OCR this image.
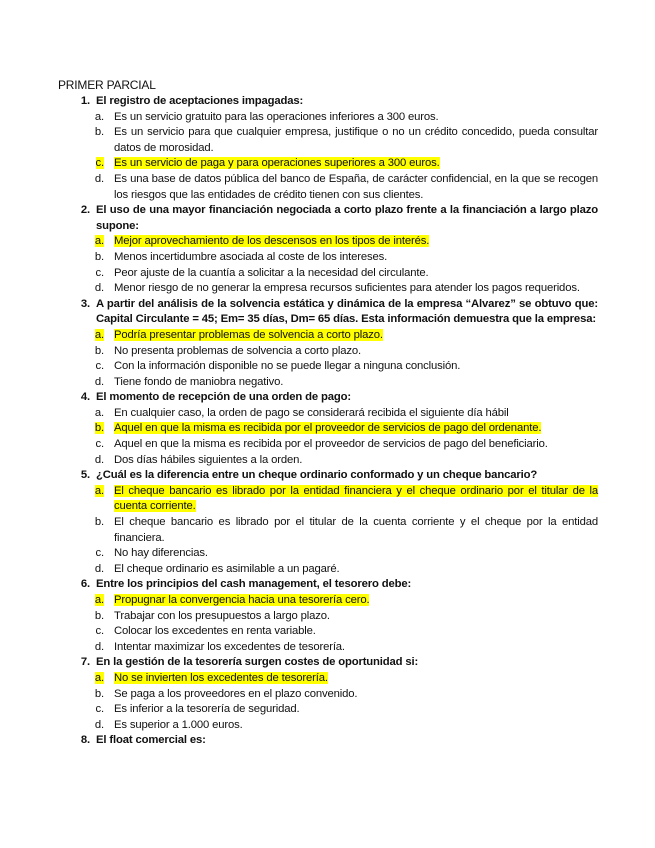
PRIMER PARCIAL
1. El registro de aceptaciones impagadas:
a. Es un servicio gratuito para las operaciones inferiores a 300 euros.
b. Es un servicio para que cualquier empresa, justifique o no un crédito concedido, pueda consultar datos de morosidad.
c. Es un servicio de paga y para operaciones superiores a 300 euros.
d. Es una base de datos pública del banco de España, de carácter confidencial, en la que se recogen los riesgos que las entidades de crédito tienen con sus clientes.
2. El uso de una mayor financiación negociada a corto plazo frente a la financiación a largo plazo supone:
a. Mejor aprovechamiento de los descensos en los tipos de interés.
b. Menos incertidumbre asociada al coste de los intereses.
c. Peor ajuste de la cuantía a solicitar a la necesidad del circulante.
d. Menor riesgo de no generar la empresa recursos suficientes para atender los pagos requeridos.
3. A partir del análisis de la solvencia estática y dinámica de la empresa “Alvarez” se obtuvo que: Capital Circulante = 45; Em= 35 días, Dm= 65 días. Esta información demuestra que la empresa:
a. Podría presentar problemas de solvencia a corto plazo.
b. No presenta problemas de solvencia a corto plazo.
c. Con la información disponible no se puede llegar a ninguna conclusión.
d. Tiene fondo de maniobra negativo.
4. El momento de recepción de una orden de pago:
a. En cualquier caso, la orden de pago se considerará recibida el siguiente día hábil
b. Aquel en que la misma es recibida por el proveedor de servicios de pago del ordenante.
c. Aquel en que la misma es recibida por el proveedor de servicios de pago del beneficiario.
d. Dos días hábiles siguientes a la orden.
5. ¿Cuál es la diferencia entre un cheque ordinario conformado y un cheque bancario?
a. El cheque bancario es librado por la entidad financiera y el cheque ordinario por el titular de la cuenta corriente.
b. El cheque bancario es librado por el titular de la cuenta corriente y el cheque por la entidad financiera.
c. No hay diferencias.
d. El cheque ordinario es asimilable a un pagaré.
6. Entre los principios del cash management, el tesorero debe:
a. Propugnar la convergencia hacia una tesorería cero.
b. Trabajar con los presupuestos a largo plazo.
c. Colocar los excedentes en renta variable.
d. Intentar maximizar los excedentes de tesorería.
7. En la gestión de la tesorería surgen costes de oportunidad si:
a. No se invierten los excedentes de tesorería.
b. Se paga a los proveedores en el plazo convenido.
c. Es inferior a la tesorería de seguridad.
d. Es superior a 1.000 euros.
8. El float comercial es:
